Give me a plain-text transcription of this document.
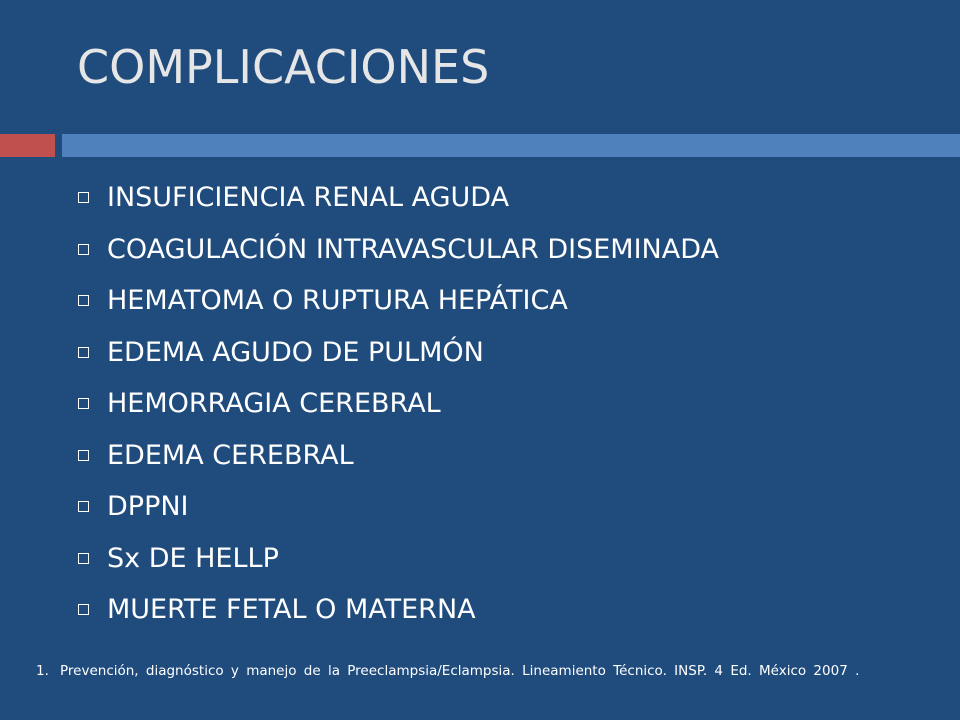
COMPLICACIONES
INSUFICIENCIA RENAL AGUDA
COAGULACIÓN INTRAVASCULAR DISEMINADA
HEMATOMA O RUPTURA HEPÁTICA
EDEMA AGUDO DE PULMÓN
HEMORRAGIA CEREBRAL
EDEMA CEREBRAL
DPPNI
Sx DE HELLP
MUERTE FETAL O MATERNA
1. Prevención, diagnóstico y manejo de la Preeclampsia/Eclampsia. Lineamiento Técnico. INSP. 4 Ed. México 2007 .
